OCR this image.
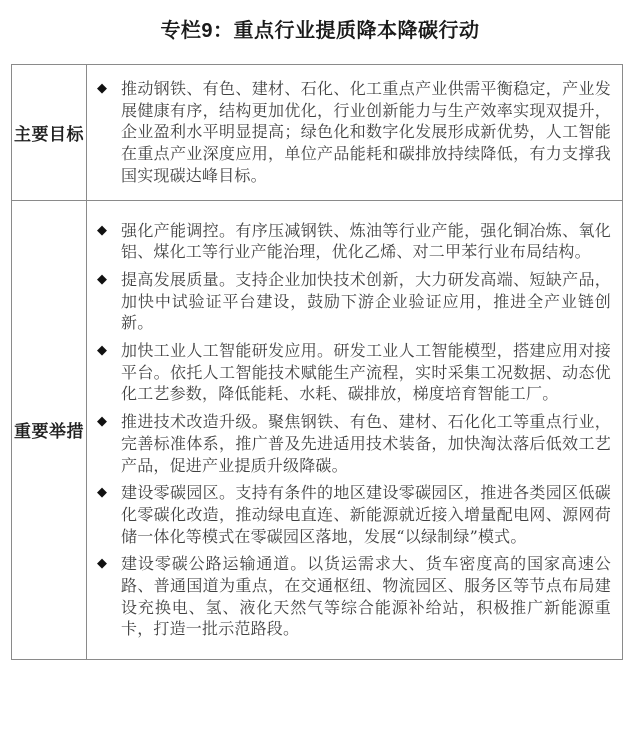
专栏9：重点行业提质降本降碳行动
主要目标
◆ 推动钢铁、有色、建材、石化、化工重点产业供需平衡稳定，产业发展健康有序，结构更加优化，行业创新能力与生产效率实现双提升，企业盈利水平明显提高；绿色化和数字化发展形成新优势，人工智能在重点产业深度应用，单位产品能耗和碳排放持续降低，有力支撑我国实现碳达峰目标。
重要举措
◆ 强化产能调控。有序压减钢铁、炼油等行业产能，强化铜冶炼、氧化铝、煤化工等行业产能治理，优化乙烯、对二甲苯行业布局结构。
◆ 提高发展质量。支持企业加快技术创新，大力研发高端、短缺产品，加快中试验证平台建设，鼓励下游企业验证应用，推进全产业链创新。
◆ 加快工业人工智能研发应用。研发工业人工智能模型，搭建应用对接平台。依托人工智能技术赋能生产流程，实时采集工况数据、动态优化工艺参数，降低能耗、水耗、碳排放，梯度培育智能工厂。
◆ 推进技术改造升级。聚焦钢铁、有色、建材、石化化工等重点行业，完善标准体系，推广普及先进适用技术装备，加快淘汰落后低效工艺产品，促进产业提质升级降碳。
◆ 建设零碳园区。支持有条件的地区建设零碳园区，推进各类园区低碳化零碳化改造，推动绿电直连、新能源就近接入增量配电网、源网荷储一体化等模式在零碳园区落地，发展“以绿制绿”模式。
◆ 建设零碳公路运输通道。以货运需求大、货车密度高的国家高速公路、普通国道为重点，在交通枢纽、物流园区、服务区等节点布局建设充换电、氢、液化天然气等综合能源补给站，积极推广新能源重卡，打造一批示范路段。
